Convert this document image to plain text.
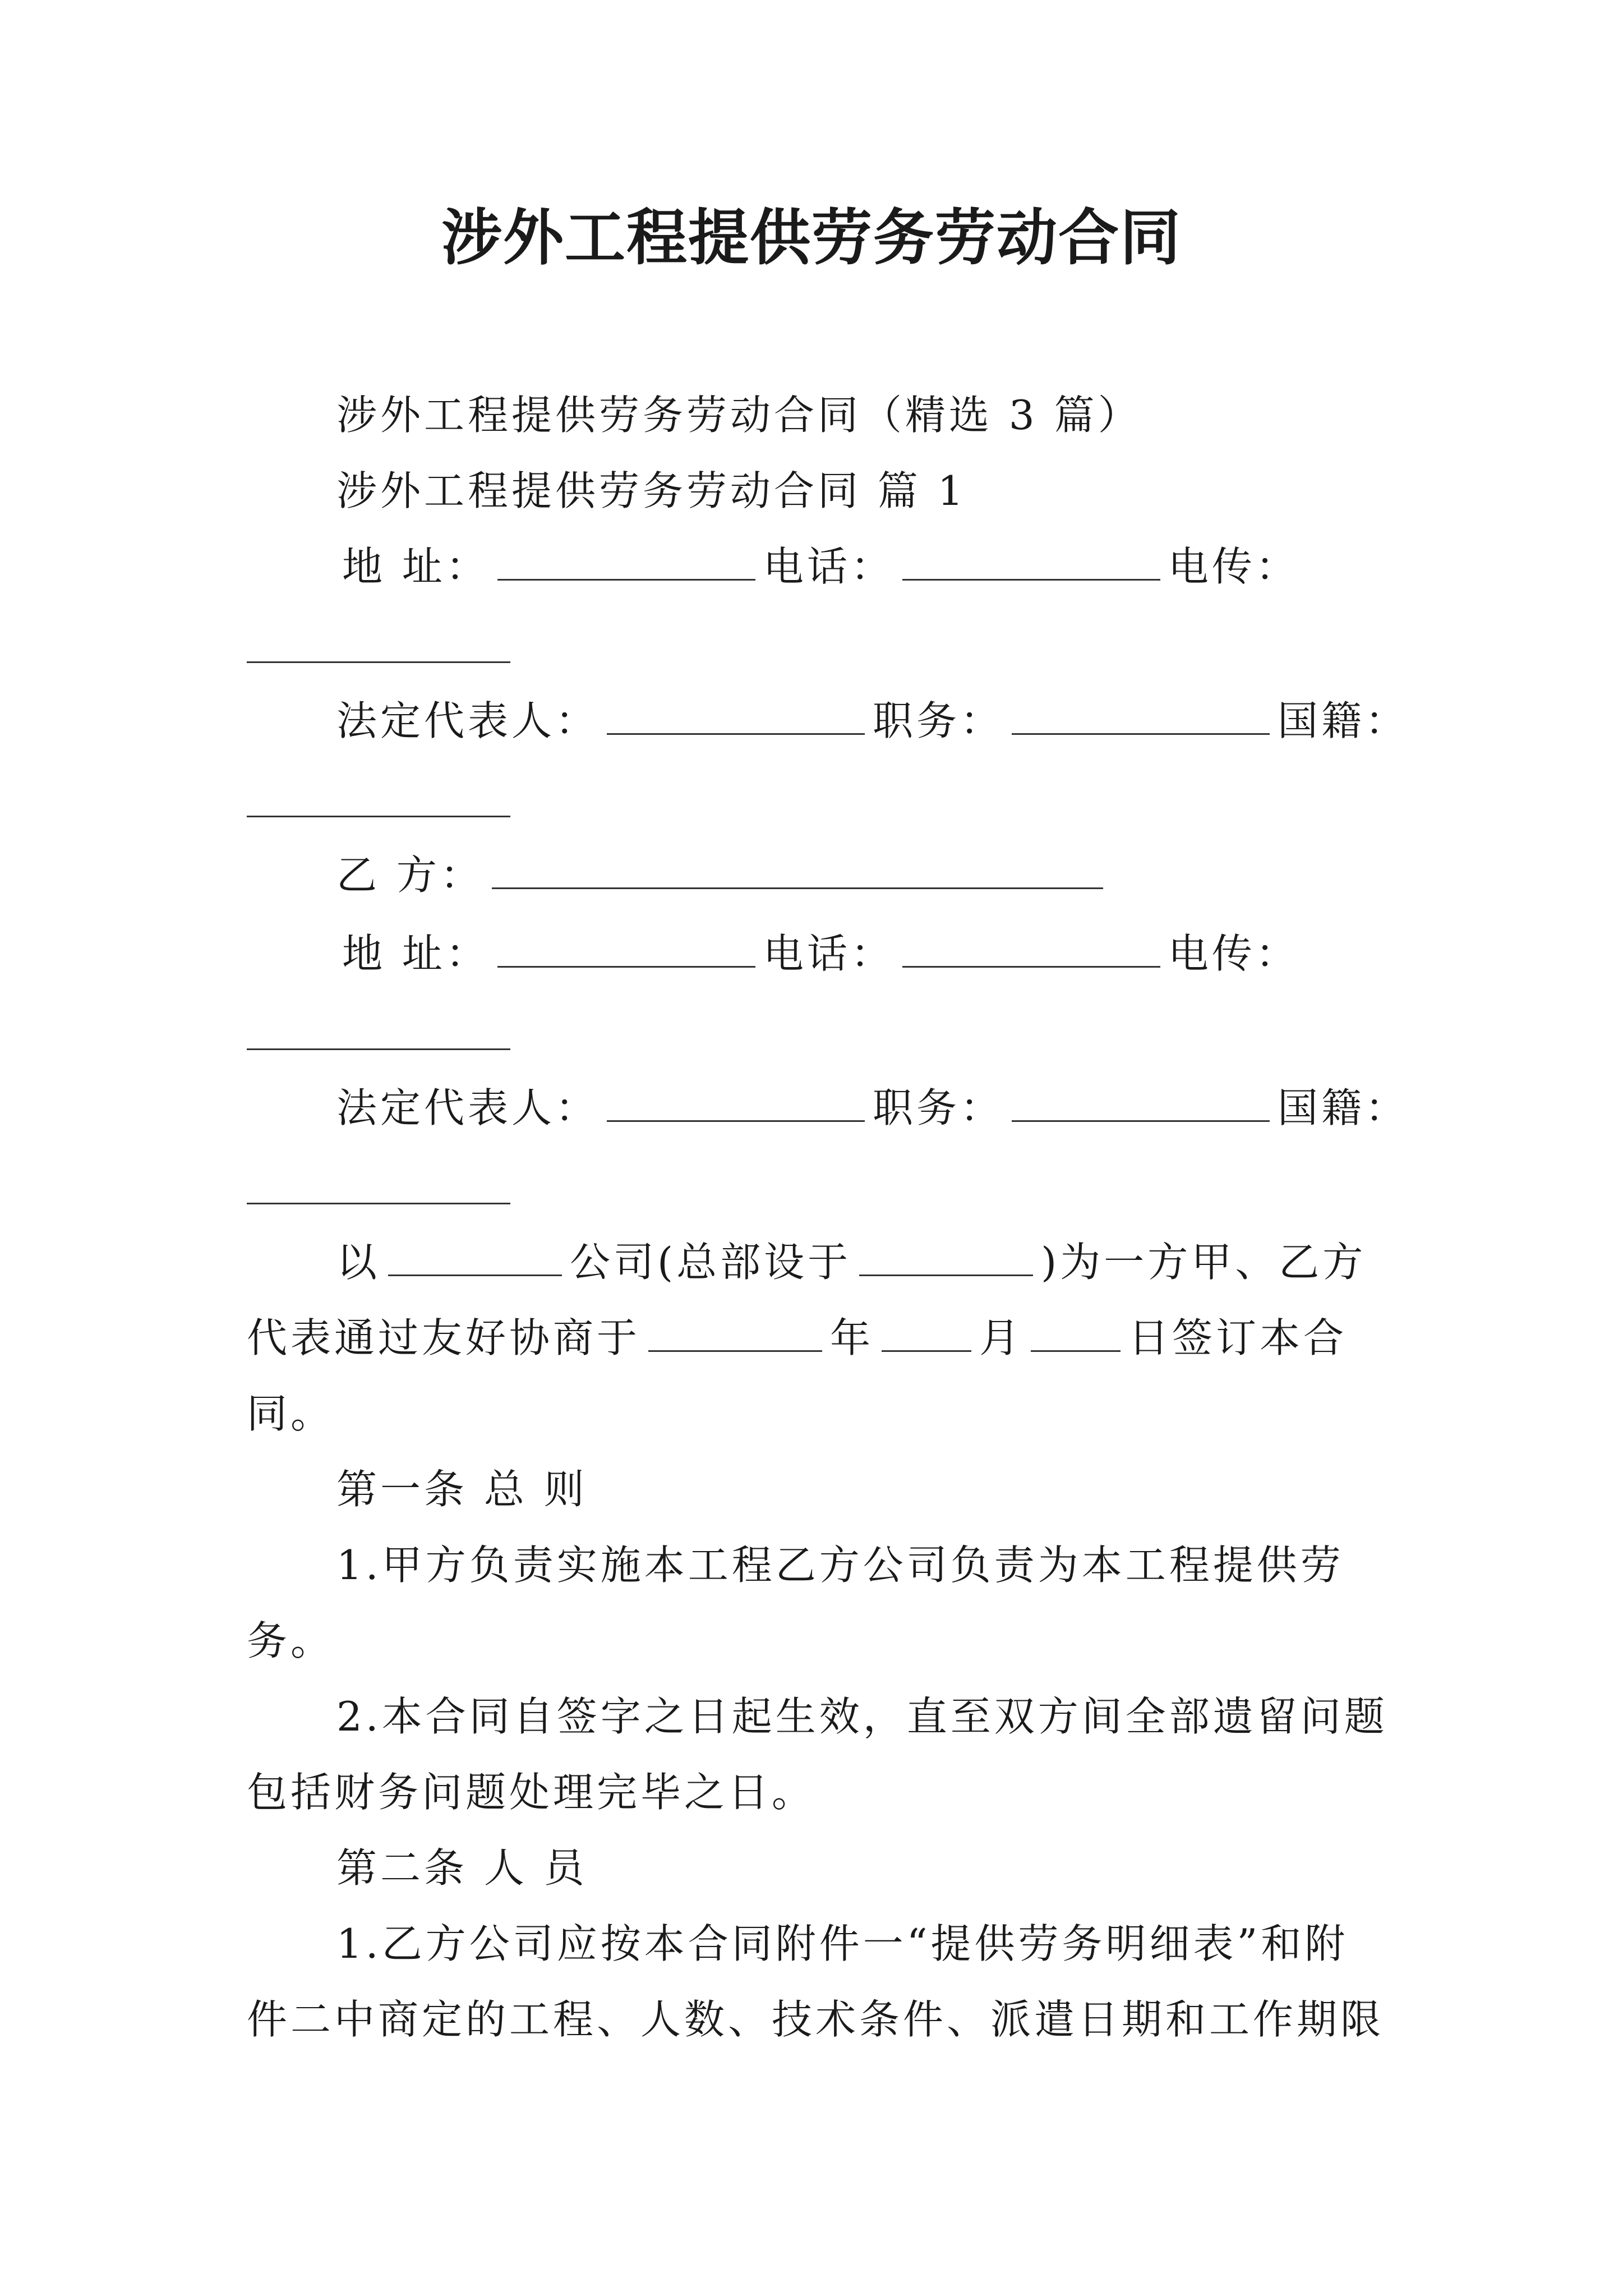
涉外工程提供劳务劳动合同
涉外工程提供劳务劳动合同（精选 3 篇）
涉外工程提供劳务劳动合同 篇 1
地 址：	电话：	电传：
法定代表人：	职务：	国籍：
乙 方：
地 址：	电话：	电传：
法定代表人：	职务：	国籍：
以	公司(总部设于	)为一方甲、乙方
代表通过友好协商于	年	月	日签订本合
同。
第一条 总 则
1.甲方负责实施本工程乙方公司负责为本工程提供劳
务。
2.本合同自签字之日起生效，直至双方间全部遗留问题
包括财务问题处理完毕之日。
第二条 人 员
1.乙方公司应按本合同附件一“提供劳务明细表”和附
件二中商定的工程、人数、技术条件、派遣日期和工作期限
